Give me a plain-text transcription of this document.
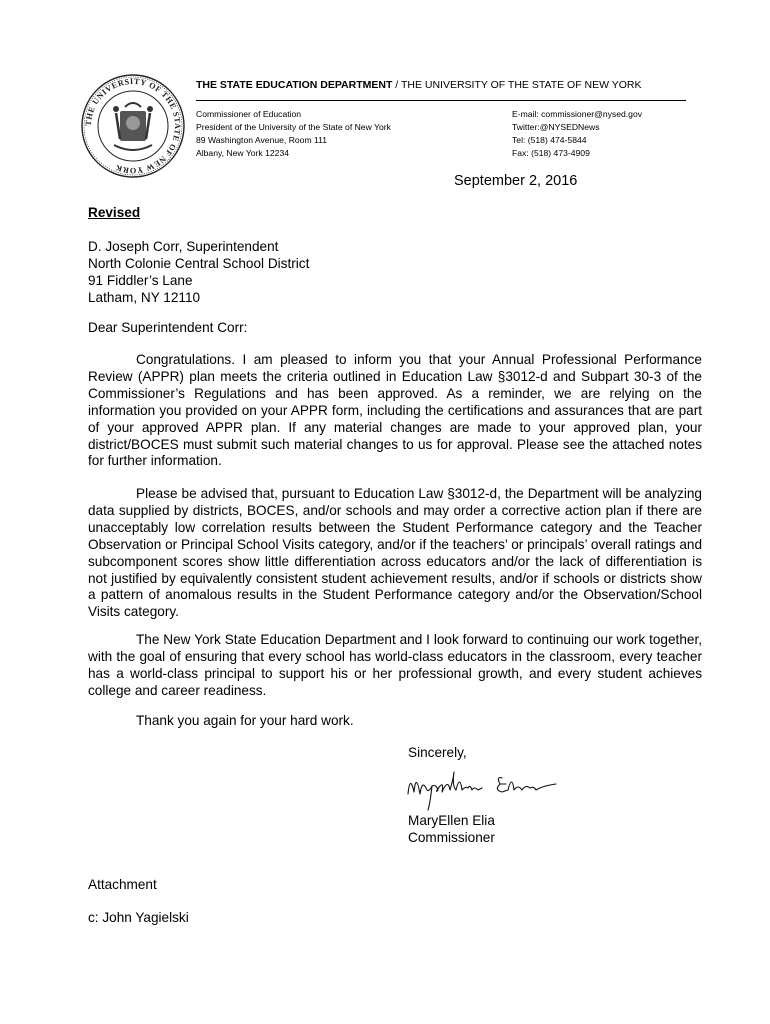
THE UNIVERSITY OF THE STATE OF NEW YORK
THE STATE EDUCATION DEPARTMENT / THE UNIVERSITY OF THE STATE OF NEW YORK
Commissioner of Education
President of the University of the State of New York
89 Washington Avenue, Room 111
Albany, New York 12234
E-mail: commissioner@nysed.gov
Twitter:@NYSEDNews
Tel: (518) 474-5844
Fax: (518) 473-4909
September 2, 2016
Revised
D. Joseph Corr, Superintendent
North Colonie Central School District
91 Fiddler’s Lane
Latham, NY 12110
Dear Superintendent Corr:

Congratulations. I am pleased to inform you that your Annual Professional Performance Review (APPR) plan meets the criteria outlined in Education Law §3012-d and Subpart 30-3 of the Commissioner’s Regulations and has been approved. As a reminder, we are relying on the information you provided on your APPR form, including the certifications and assurances that are part of your approved APPR plan. If any material changes are made to your approved plan, your district/BOCES must submit such material changes to us for approval. Please see the attached notes for further information.

Please be advised that, pursuant to Education Law §3012-d, the Department will be analyzing data supplied by districts, BOCES, and/or schools and may order a corrective action plan if there are unacceptably low correlation results between the Student Performance category and the Teacher Observation or Principal School Visits category, and/or if the teachers’ or principals’ overall ratings and subcomponent scores show little differentiation across educators and/or the lack of differentiation is not justified by equivalently consistent student achievement results, and/or if schools or districts show a pattern of anomalous results in the Student Performance category and/or the Observation/School Visits category.

The New York State Education Department and I look forward to continuing our work together, with the goal of ensuring that every school has world-class educators in the classroom, every teacher has a world-class principal to support his or her professional growth, and every student achieves college and career readiness.

Thank you again for your hard work.
Sincerely,
MaryEllen Elia
Commissioner
Attachment
c: John Yagielski
